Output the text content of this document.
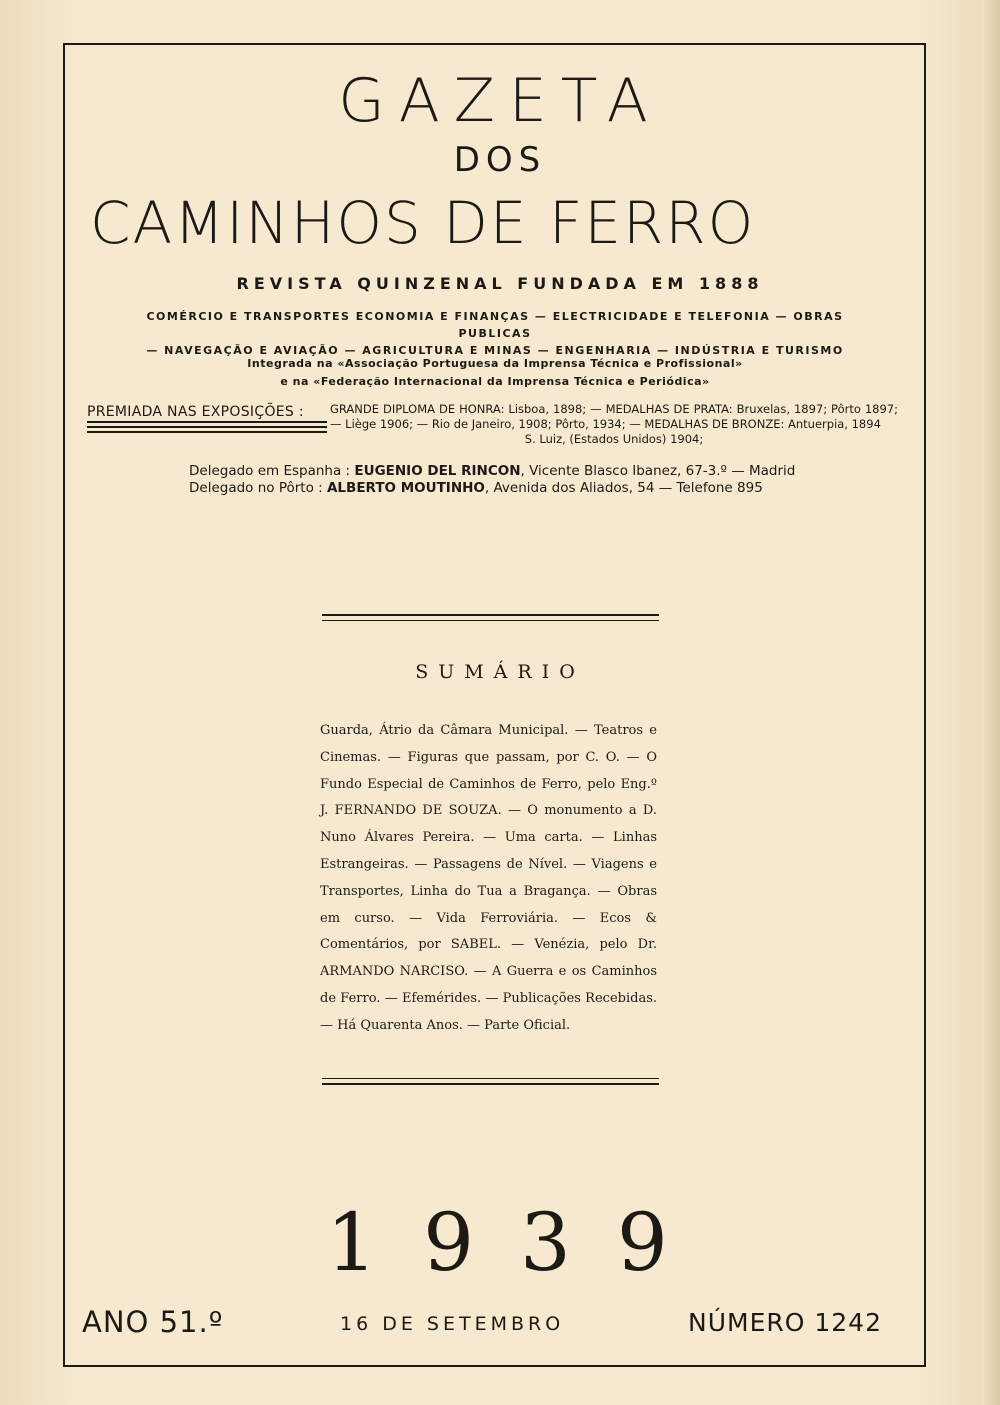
GAZETA
DOS
CAMINHOS DE FERRO
REVISTA QUINZENAL FUNDADA EM 1888
COMÉRCIO E TRANSPORTES ECONOMIA E FINANÇAS — ELECTRICIDADE E TELEFONIA — OBRAS PUBLICAS
— NAVEGAÇÃO E AVIAÇÃO — AGRICULTURA E MINAS — ENGENHARIA — INDÚSTRIA E TURISMO
Integrada na «Associação Portuguesa da Imprensa Técnica e Profissional»
e na «Federação Internacional da Imprensa Técnica e Periódica»
PREMIADA NAS EXPOSIÇÕES : GRANDE DIPLOMA DE HONRA: Lisboa, 1898; — MEDALHAS DE PRATA: Bruxelas, 1897; Pôrto 1897; — Liège 1906; — Rio de Janeiro, 1908; Pôrto, 1934; — MEDALHAS DE BRONZE: Antuerpia, 1894
S. Luiz, (Estados Unidos) 1904;
Delegado em Espanha : EUGENIO DEL RINCON, Vicente Blasco Ibanez, 67-3.º — Madrid
Delegado no Pôrto : ALBERTO MOUTINHO, Avenida dos Aliados, 54 — Telefone 895
SUMÁRIO
Guarda, Átrio da Câmara Municipal. — Teatros e Cinemas. — Figuras que passam, por C. O. — O Fundo Especial de Caminhos de Ferro, pelo Eng.º J. FERNANDO DE SOUZA. — O monumento a D. Nuno Álvares Pereira. — Uma carta. — Linhas Estrangeiras. — Passagens de Nível. — Viagens e Transportes, Linha do Tua a Bragança. — Obras em curso. — Vida Ferroviária. — Ecos & Comentários, por SABEL. — Venézia, pelo Dr. ARMANDO NARCISO. — A Guerra e os Caminhos de Ferro. — Efemérides. — Publicações Recebidas. — Há Quarenta Anos. — Parte Oficial.
1939
ANO 51.º	16 DE SETEMBRO	NÚMERO 1242
